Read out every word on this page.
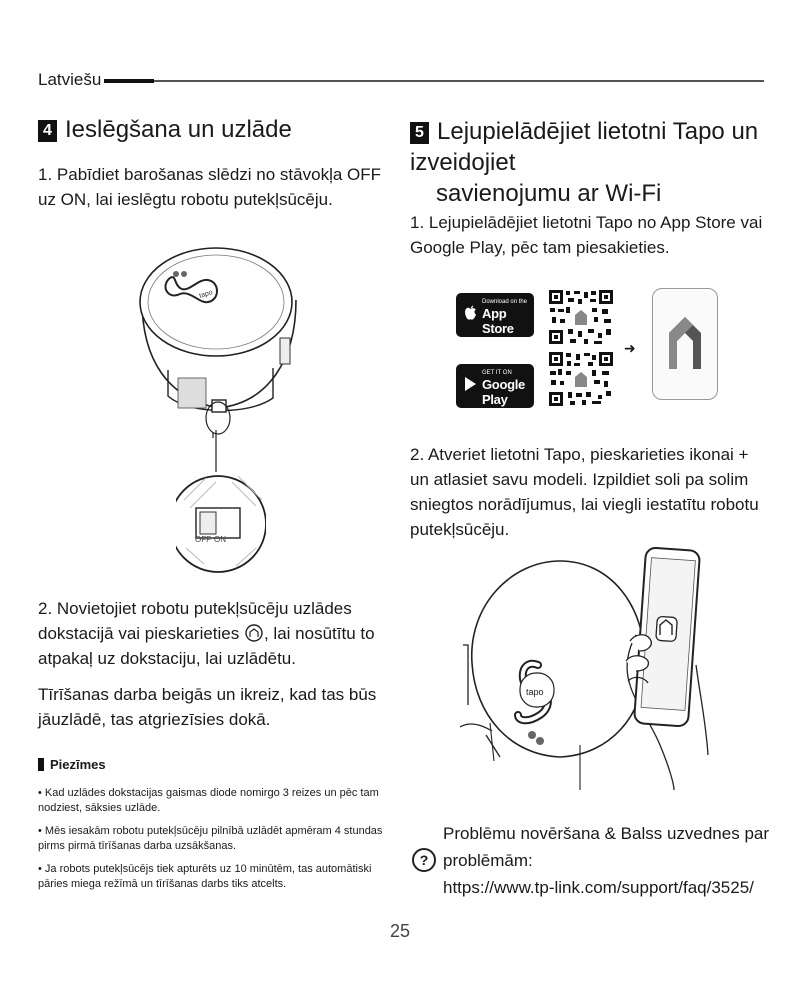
Latviešu
4 Ieslēgšana un uzlāde
1. Pabīdiet barošanas slēdzi no stāvokļa OFF uz ON, lai ieslēgtu robotu putekļsūcēju.
tapo
OFF ON
2. Novietojiet robotu putekļsūcēju uzlādes dokstacijā vai pieskarieties , lai nosūtītu to atpakaļ uz dokstaciju, lai uzlādētu.
Tīrīšanas darba beigās un ikreiz, kad tas būs jāuzlādē, tas atgriezīsies dokā.
Piezīmes

• Kad uzlādes dokstacijas gaismas diode nomirgo 3 reizes un pēc tam nodziest, sāksies uzlāde.

• Mēs iesakām robotu putekļsūcēju pilnībā uzlādēt apmēram 4 stundas pirms pirmā tīrīšanas darba uzsākšanas.

• Ja robots putekļsūcējs tiek apturēts uz 10 minūtēm, tas automātiski pāries miega režīmā un tīrīšanas darbs tiks atcelts.

25
5 Lejupielādējiet lietotni Tapo un izveidojiet
savienojumu ar Wi-Fi
1. Lejupielādējiet lietotni Tapo no App Store vai Google Play, pēc tam piesakieties.
Download on the
App Store
GET IT ON
Google Play
➜
2. Atveriet lietotni Tapo, pieskarieties ikonai + un atlasiet savu modeli. Izpildiet soli pa solim sniegtos norādījumus, lai viegli iestatītu robotu putekļsūcēju.
tapo
?
Problēmu novēršana & Balss uzvednes par problēmām:
https://www.tp-link.com/support/faq/3525/
